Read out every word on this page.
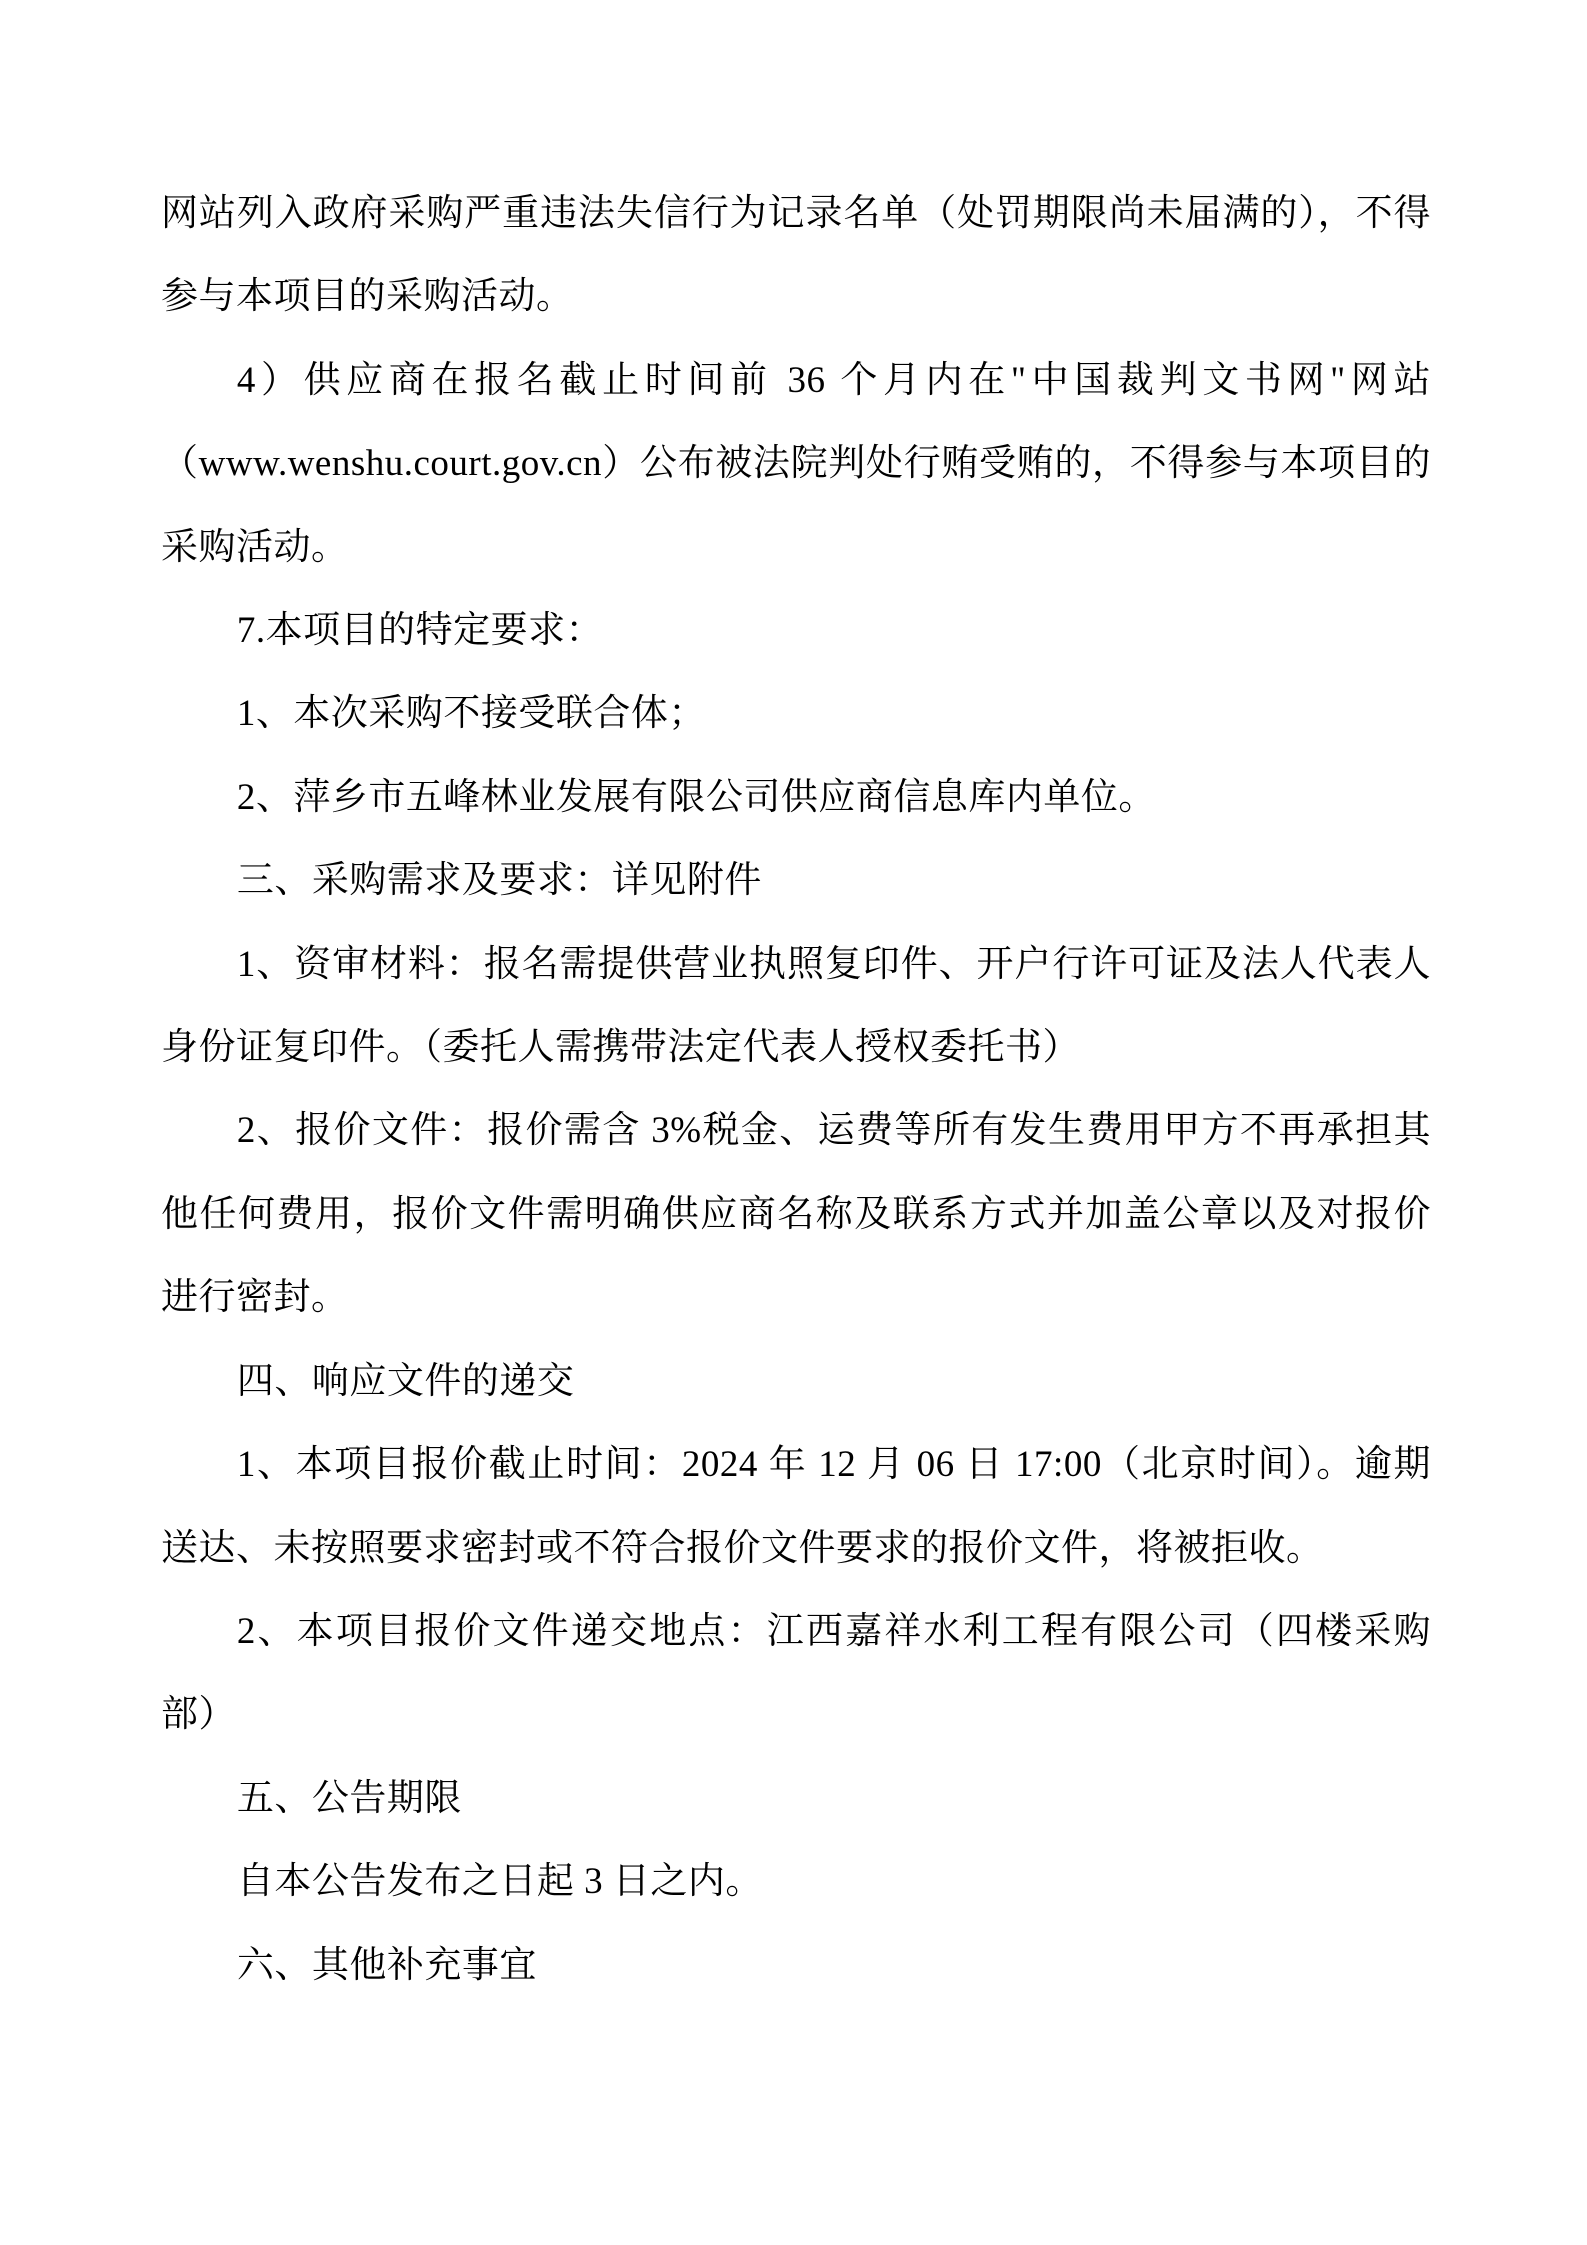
网站列入政府采购严重违法失信行为记录名单（处罚期限尚未届满的），不得参与本项目的采购活动。

4）供应商在报名截止时间前 36 个月内在"中国裁判文书网"网站（www.wenshu.court.gov.cn）公布被法院判处行贿受贿的，不得参与本项目的采购活动。

7.本项目的特定要求：

1、本次采购不接受联合体；

2、萍乡市五峰林业发展有限公司供应商信息库内单位。

三、采购需求及要求：详见附件

1、资审材料：报名需提供营业执照复印件、开户行许可证及法人代表人身份证复印件。（委托人需携带法定代表人授权委托书）

2、报价文件：报价需含 3%税金、运费等所有发生费用甲方不再承担其他任何费用，报价文件需明确供应商名称及联系方式并加盖公章以及对报价进行密封。

四、响应文件的递交

1、本项目报价截止时间：2024 年 12 月 06 日 17:00（北京时间）。逾期送达、未按照要求密封或不符合报价文件要求的报价文件，将被拒收。

2、本项目报价文件递交地点：江西嘉祥水利工程有限公司（四楼采购部）

五、公告期限

自本公告发布之日起 3 日之内。

六、其他补充事宜
